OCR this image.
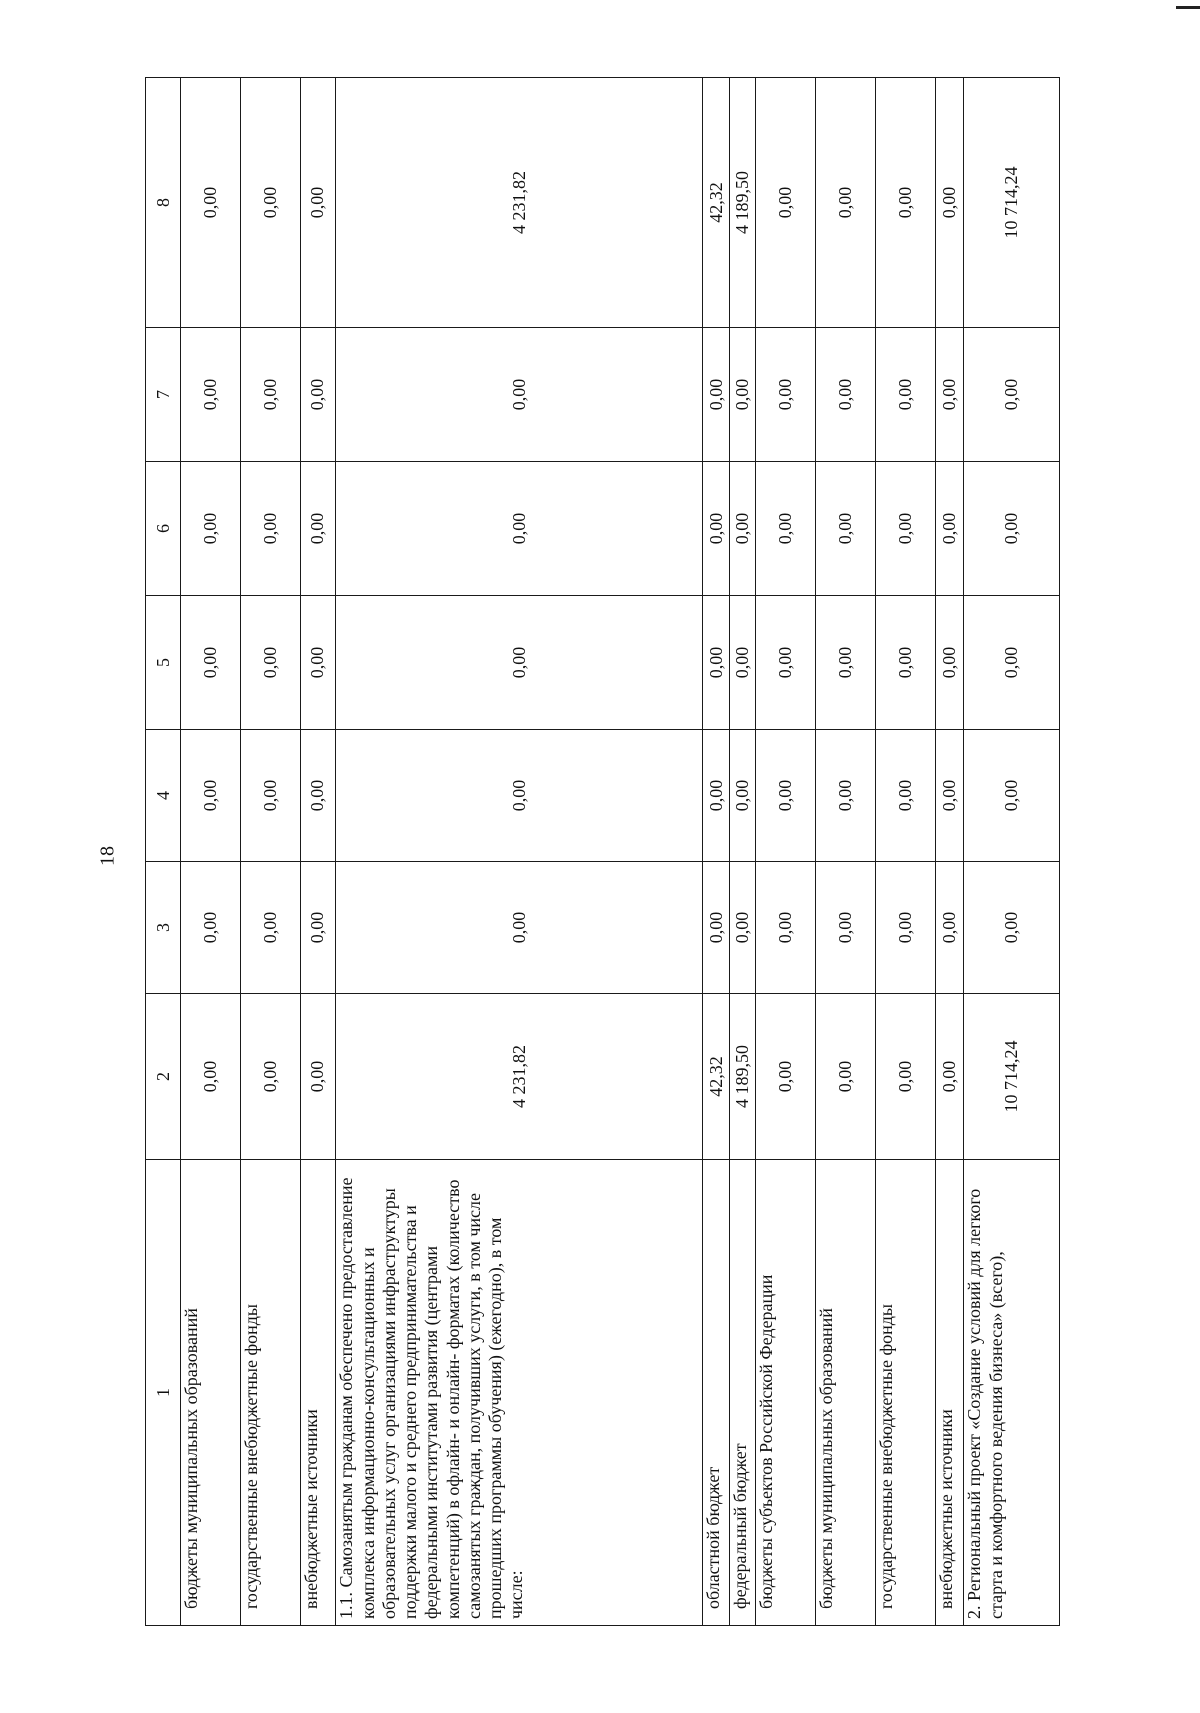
18
1	2	3	4	5	6	7	8
бюджеты муниципальных образований	0,00	0,00	0,00	0,00	0,00	0,00	0,00
государственные внебюджетные фонды	0,00	0,00	0,00	0,00	0,00	0,00	0,00
внебюджетные источники	0,00	0,00	0,00	0,00	0,00	0,00	0,00
1.1. Самозанятым гражданам обеспечено предоставление комплекса информационно-консультационных и образовательных услуг организациями инфраструктуры поддержки малого и среднего предпринимательства и федеральными институтами развития (центрами компетенций) в офлайн- и онлайн- форматах (количество самозанятых граждан, получивших услуги, в том числе прошедших программы обучения) (ежегодно), в том числе:	4 231,82	0,00	0,00	0,00	0,00	0,00	4 231,82
областной бюджет	42,32	0,00	0,00	0,00	0,00	0,00	42,32
федеральный бюджет	4 189,50	0,00	0,00	0,00	0,00	0,00	4 189,50
бюджеты субъектов Российской Федерации	0,00	0,00	0,00	0,00	0,00	0,00	0,00
бюджеты муниципальных образований	0,00	0,00	0,00	0,00	0,00	0,00	0,00
государственные внебюджетные фонды	0,00	0,00	0,00	0,00	0,00	0,00	0,00
внебюджетные источники	0,00	0,00	0,00	0,00	0,00	0,00	0,00
2. Региональный проект «Создание условий для легкого старта и комфортного ведения бизнеса» (всего),	10 714,24	0,00	0,00	0,00	0,00	0,00	10 714,24
